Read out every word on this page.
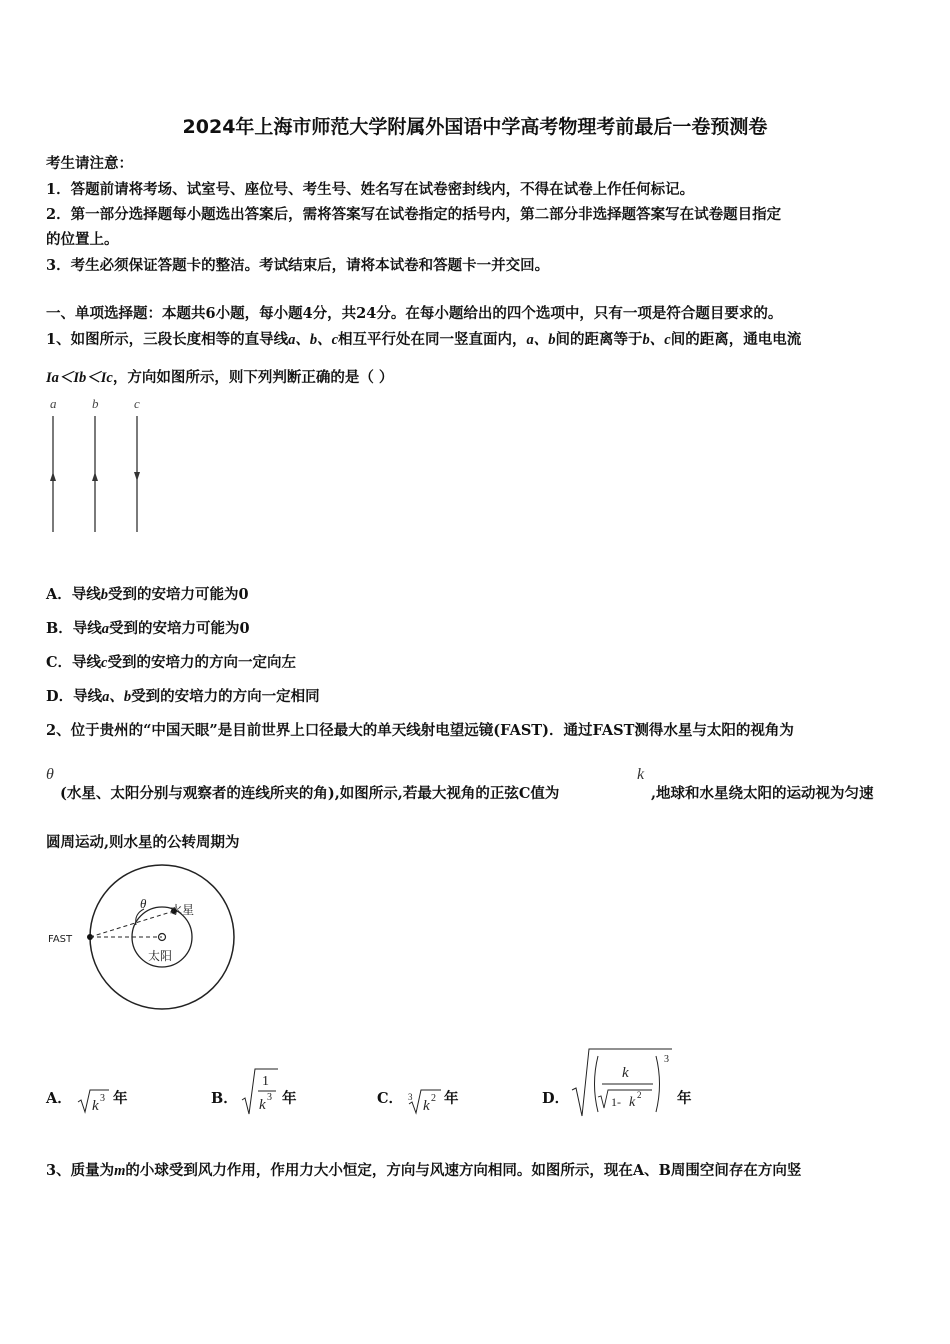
2024年上海市师范大学附属外国语中学高考物理考前最后一卷预测卷
考生请注意：
1．答题前请将考场、试室号、座位号、考生号、姓名写在试卷密封线内，不得在试卷上作任何标记。
2．第一部分选择题每小题选出答案后，需将答案写在试卷指定的括号内，第二部分非选择题答案写在试卷题目指定
的位置上。
3．考生必须保证答题卡的整洁。考试结束后，请将本试卷和答题卡一并交回。
一、单项选择题：本题共6小题，每小题4分，共24分。在每小题给出的四个选项中，只有一项是符合题目要求的。
1、如图所示，三段长度相等的直导线a、b、c相互平行处在同一竖直面内，a、b间的距离等于b、c间的距离，通电电流
Ia＜Ib＜Ic，方向如图所示，则下列判断正确的是（ ）
a	b	c
A．导线b受到的安培力可能为0
B．导线a受到的安培力可能为0
C．导线c受到的安培力的方向一定向左
D．导线a、b受到的安培力的方向一定相同
2、位于贵州的“中国天眼”是目前世界上口径最大的单天线射电望远镜(FAST)．通过FAST测得水星与太阳的视角为
θ
(水星、太阳分别与观察者的连线所夹的角),如图所示,若最大视角的正弦C值为
k
,地球和水星绕太阳的运动视为匀速
圆周运动,则水星的公转周期为
θ 水星
太阳
FAST
A． k 3 年	B．
1
k 3 年	C． 3
k 2 年	D．
k
1- k 2
3
年
3、质量为m的小球受到风力作用，作用力大小恒定，方向与风速方向相同。如图所示，现在A、B周围空间存在方向竖
